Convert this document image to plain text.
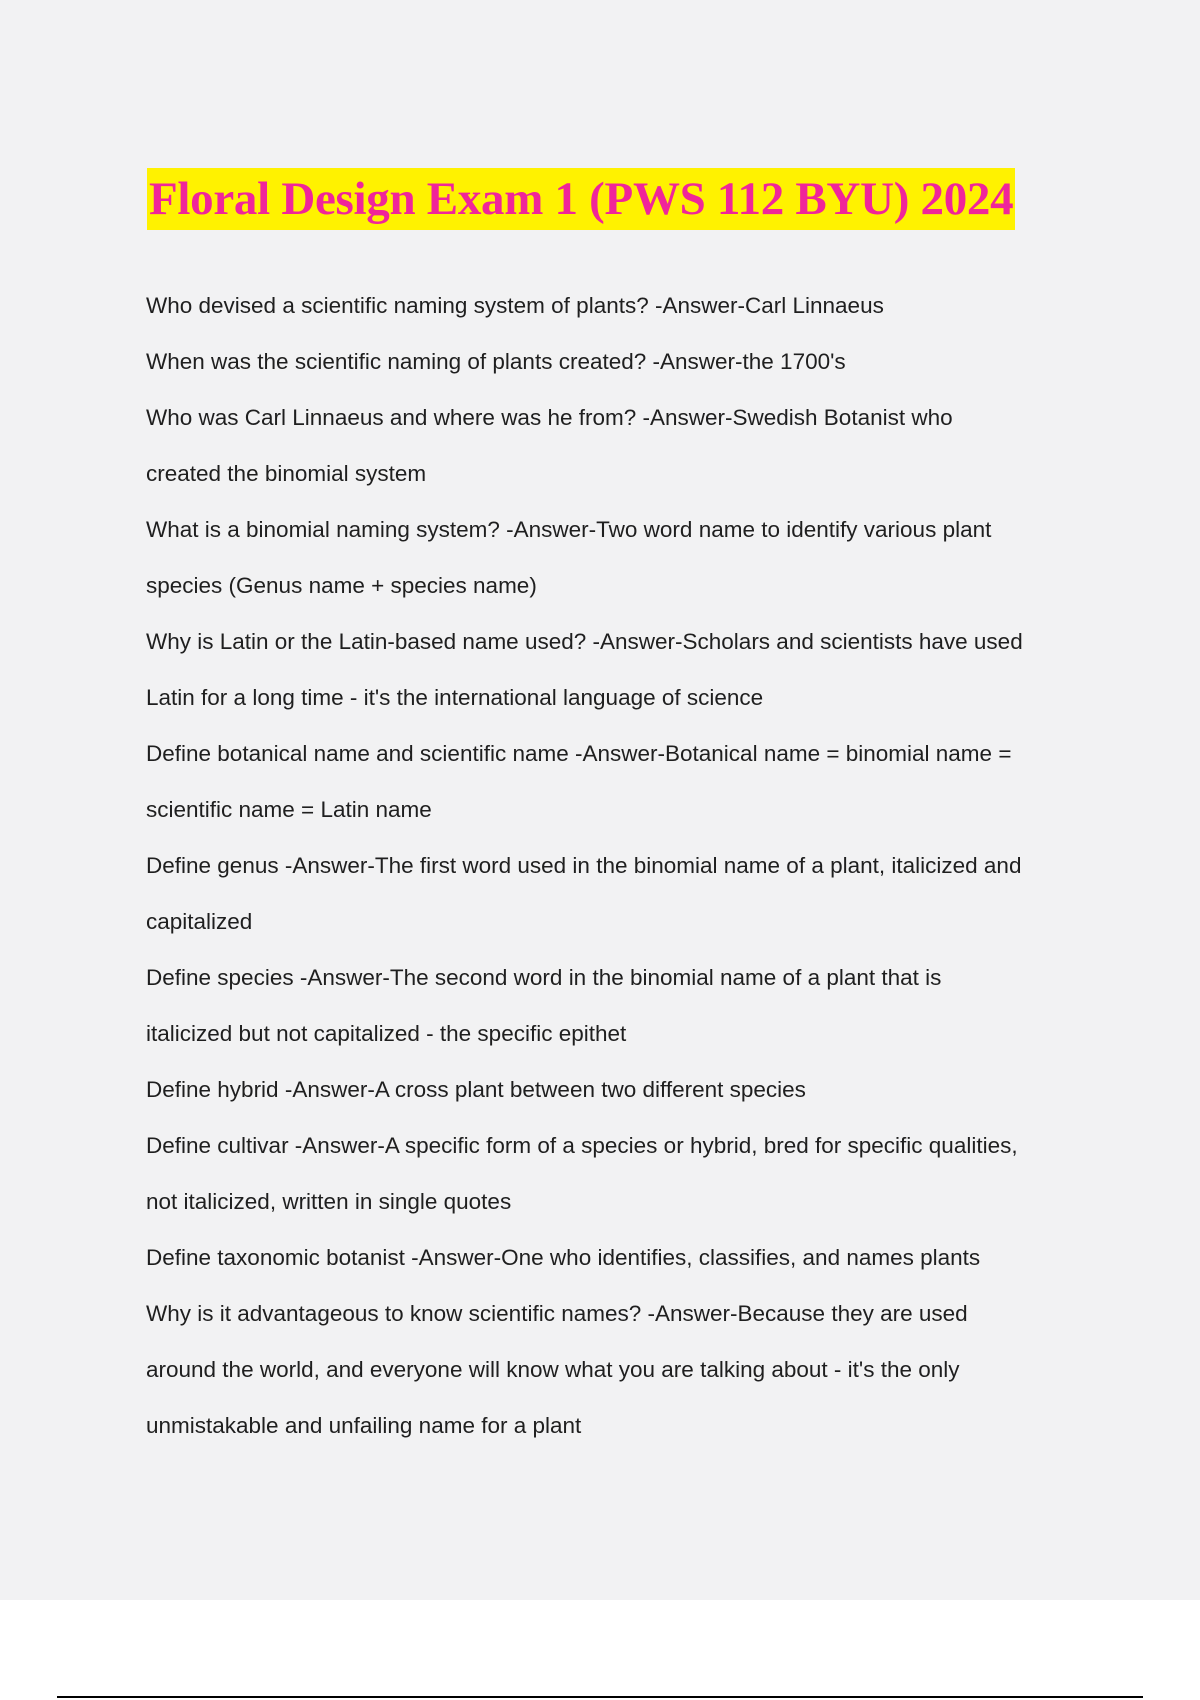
Floral Design Exam 1 (PWS 112 BYU) 2024
Who devised a scientific naming system of plants? -Answer-Carl Linnaeus
When was the scientific naming of plants created? -Answer-the 1700's
Who was Carl Linnaeus and where was he from? -Answer-Swedish Botanist who
created the binomial system
What is a binomial naming system? -Answer-Two word name to identify various plant
species (Genus name + species name)
Why is Latin or the Latin-based name used? -Answer-Scholars and scientists have used
Latin for a long time - it's the international language of science
Define botanical name and scientific name -Answer-Botanical name = binomial name =
scientific name = Latin name
Define genus -Answer-The first word used in the binomial name of a plant, italicized and
capitalized
Define species -Answer-The second word in the binomial name of a plant that is
italicized but not capitalized - the specific epithet
Define hybrid -Answer-A cross plant between two different species
Define cultivar -Answer-A specific form of a species or hybrid, bred for specific qualities,
not italicized, written in single quotes
Define taxonomic botanist -Answer-One who identifies, classifies, and names plants
Why is it advantageous to know scientific names? -Answer-Because they are used
around the world, and everyone will know what you are talking about - it's the only
unmistakable and unfailing name for a plant
